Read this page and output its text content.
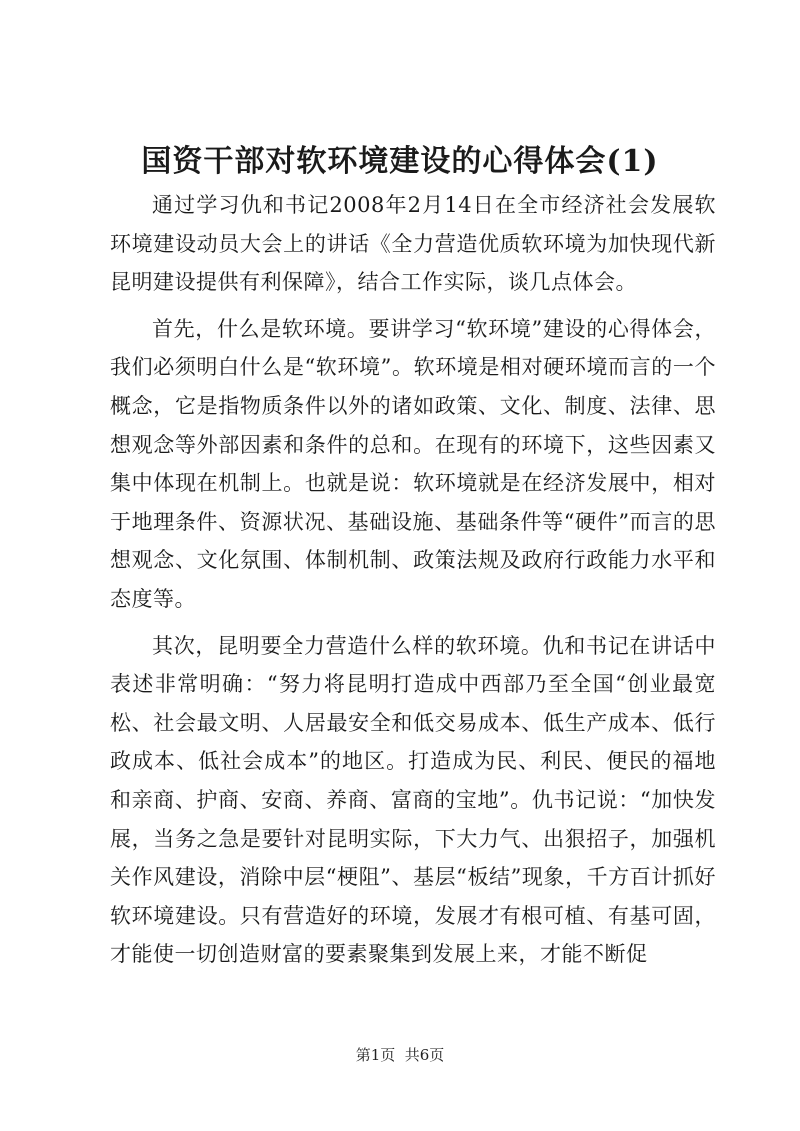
国资干部对软环境建设的心得体会(1)

通过学习仇和书记2008年2月14日在全市经济社会发展软环境建设动员大会上的讲话《全力营造优质软环境为加快现代新昆明建设提供有利保障》，结合工作实际，谈几点体会。

首先，什么是软环境。要讲学习“软环境”建设的心得体会，我们必须明白什么是“软环境”。软环境是相对硬环境而言的一个概念，它是指物质条件以外的诸如政策、文化、制度、法律、思想观念等外部因素和条件的总和。在现有的环境下，这些因素又集中体现在机制上。也就是说：软环境就是在经济发展中，相对于地理条件、资源状况、基础设施、基础条件等“硬件”而言的思想观念、文化氛围、体制机制、政策法规及政府行政能力水平和态度等。

其次，昆明要全力营造什么样的软环境。仇和书记在讲话中表述非常明确：“努力将昆明打造成中西部乃至全国“创业最宽松、社会最文明、人居最安全和低交易成本、低生产成本、低行政成本、低社会成本”的地区。打造成为民、利民、便民的福地和亲商、护商、安商、养商、富商的宝地”。仇书记说：“加快发展，当务之急是要针对昆明实际，下大力气、出狠招子，加强机关作风建设，消除中层“梗阻”、基层“板结”现象，千方百计抓好软环境建设。只有营造好的环境，发展才有根可植、有基可固，才能使一切创造财富的要素聚集到发展上来，才能不断促

第1页  共6页
